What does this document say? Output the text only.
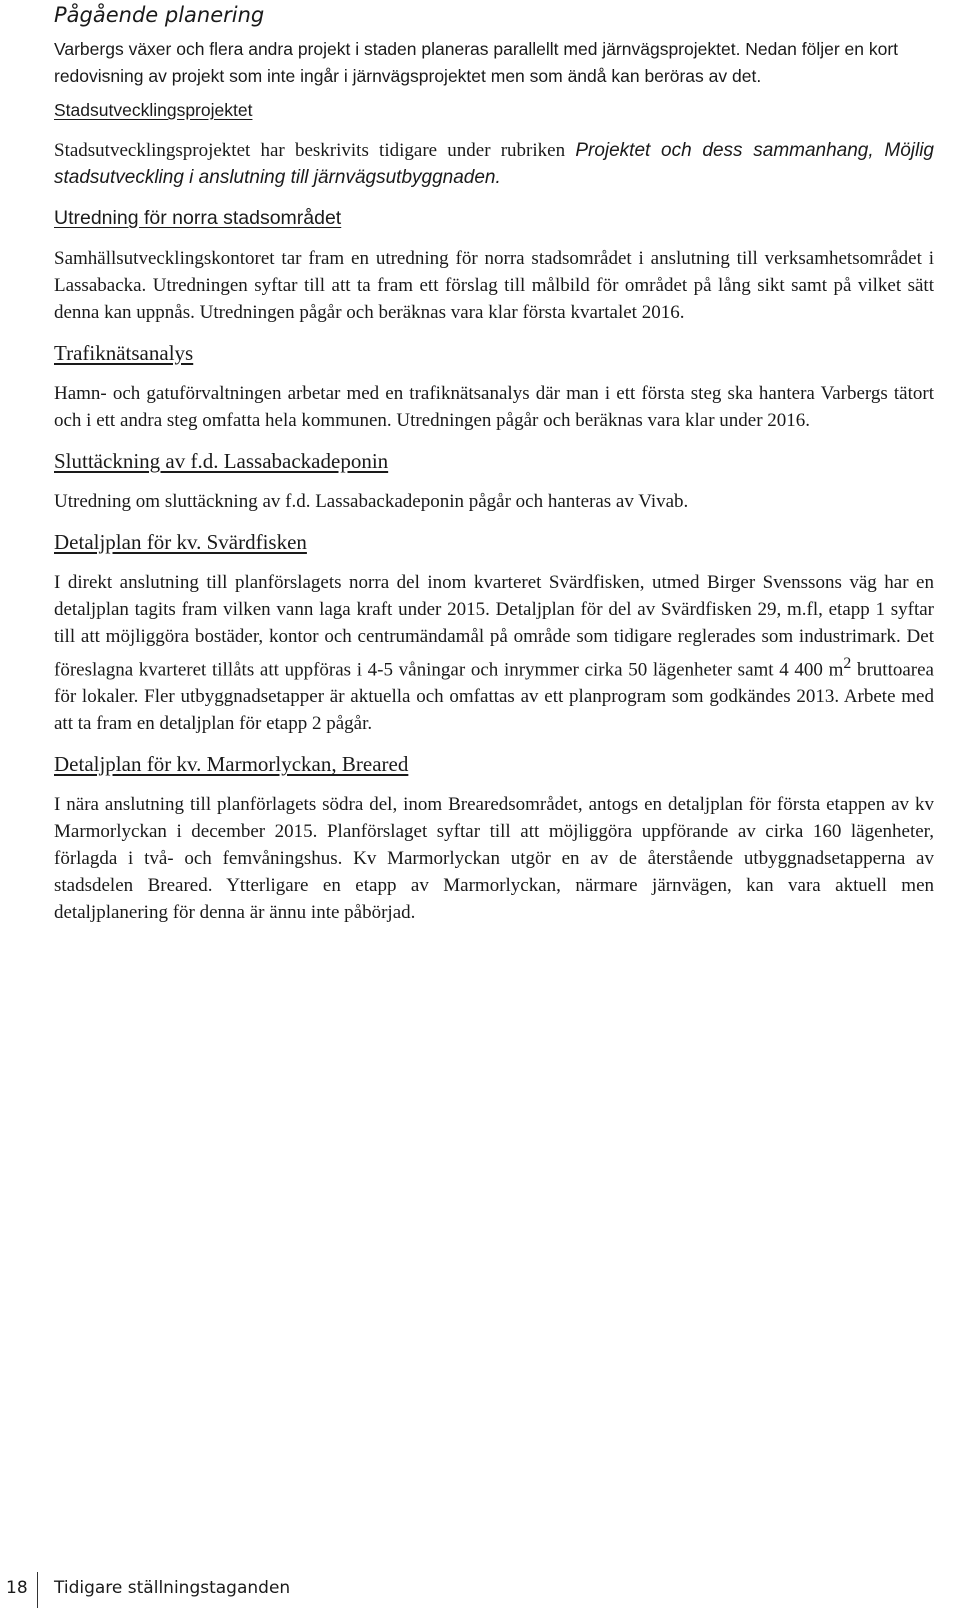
Pågående planering

Varbergs växer och flera andra projekt i staden planeras parallellt med järnvägsprojektet. Nedan följer en kort redovisning av projekt som inte ingår i järnvägsprojektet men som ändå kan beröras av det.

Stadsutvecklingsprojektet

Stadsutvecklingsprojektet har beskrivits tidigare under rubriken Projektet och dess sammanhang, Möjlig stadsutveckling i anslutning till järnvägsutbyggnaden.

Utredning för norra stadsområdet

Samhällsutvecklingskontoret tar fram en utredning för norra stadsområdet i anslutning till verksamhetsområdet i Lassabacka. Utredningen syftar till att ta fram ett förslag till målbild för området på lång sikt samt på vilket sätt denna kan uppnås. Utredningen pågår och beräknas vara klar första kvartalet 2016.

Trafiknätsanalys

Hamn- och gatuförvaltningen arbetar med en trafiknätsanalys där man i ett första steg ska hantera Varbergs tätort och i ett andra steg omfatta hela kommunen. Utredningen pågår och beräknas vara klar under 2016.

Sluttäckning av f.d. Lassabackadeponin

Utredning om sluttäckning av f.d. Lassabackadeponin pågår och hanteras av Vivab.

Detaljplan för kv. Svärdfisken

I direkt anslutning till planförslagets norra del inom kvarteret Svärdfisken, utmed Birger Svenssons väg har en detaljplan tagits fram vilken vann laga kraft under 2015. Detaljplan för del av Svärdfisken 29, m.fl, etapp 1 syftar till att möjliggöra bostäder, kontor och centrumändamål på område som tidigare reglerades som industrimark. Det föreslagna kvarteret tillåts att uppföras i 4-5 våningar och inrymmer cirka 50 lägenheter samt 4 400 $m^2$ bruttoarea för lokaler. Fler utbyggnadsetapper är aktuella och omfattas av ett planprogram som godkändes 2013. Arbete med att ta fram en detaljplan för etapp 2 pågår.

Detaljplan för kv. Marmorlyckan, Breared

I nära anslutning till planförlagets södra del, inom Brearedsområdet, antogs en detaljplan för första etappen av kv Marmorlyckan i december 2015. Planförslaget syftar till att möjliggöra uppförande av cirka 160 lägenheter, förlagda i två- och femvåningshus. Kv Marmorlyckan utgör en av de återstående utbyggnadsetapperna av stadsdelen Breared. Ytterligare en etapp av Marmorlyckan, närmare järnvägen, kan vara aktuell men detaljplanering för denna är ännu inte påbörjad.

18 Tidigare ställningstaganden
